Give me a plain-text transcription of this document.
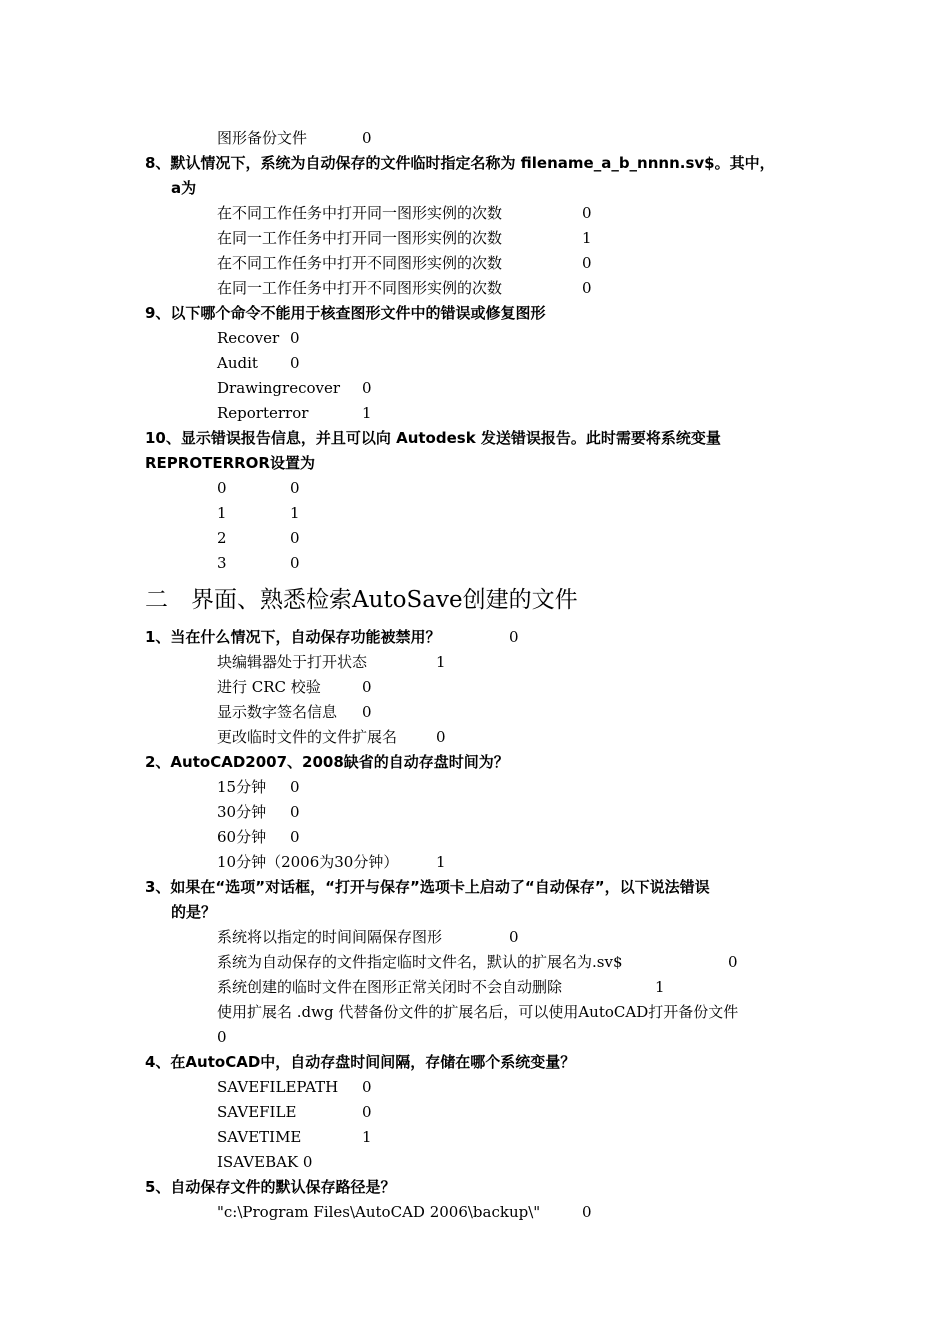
图形备份文件	0
8、默认情况下，系统为自动保存的文件临时指定名称为 filename_a_b_nnnn.sv$。其中，
a为
在不同工作任务中打开同一图形实例的次数	0
在同一工作任务中打开同一图形实例的次数	1
在不同工作任务中打开不同图形实例的次数	0
在同一工作任务中打开不同图形实例的次数	0
9、以下哪个命令不能用于核查图形文件中的错误或修复图形
Recover 0
Audit 0
Drawingrecover 0
Reporterror	1
10、显示错误报告信息，并且可以向 Autodesk 发送错误报告。此时需要将系统变量
REPROTERROR设置为
0	0
1	1
2	0
3	0
1、当在什么情况下，自动保存功能被禁用？	0
块编辑器处于打开状态	1
进行 CRC 校验	0
显示数字签名信息 0
更改临时文件的文件扩展名	0
2、AutoCAD2007、2008缺省的自动存盘时间为？
15分钟 0
30分钟 0
60分钟 0
10分钟（2006为30分钟）	1
3、如果在“选项”对话框，“打开与保存”选项卡上启动了“自动保存”，以下说法错误
的是？
系统将以指定的时间间隔保存图形	0
系统为自动保存的文件指定临时文件名，默认的扩展名为.sv$	0
系统创建的临时文件在图形正常关闭时不会自动删除	1
使用扩展名 .dwg 代替备份文件的扩展名后，可以使用AutoCAD打开备份文件
0
4、在AutoCAD中，自动存盘时间间隔，存储在哪个系统变量？
SAVEFILEPATH 0
SAVEFILE	0
SAVETIME	1
ISAVEBAK 0
5、自动保存文件的默认保存路径是？
"c:\Program Files\AutoCAD 2006\backup\"	0
二　界面、熟悉检索AutoSave创建的文件
